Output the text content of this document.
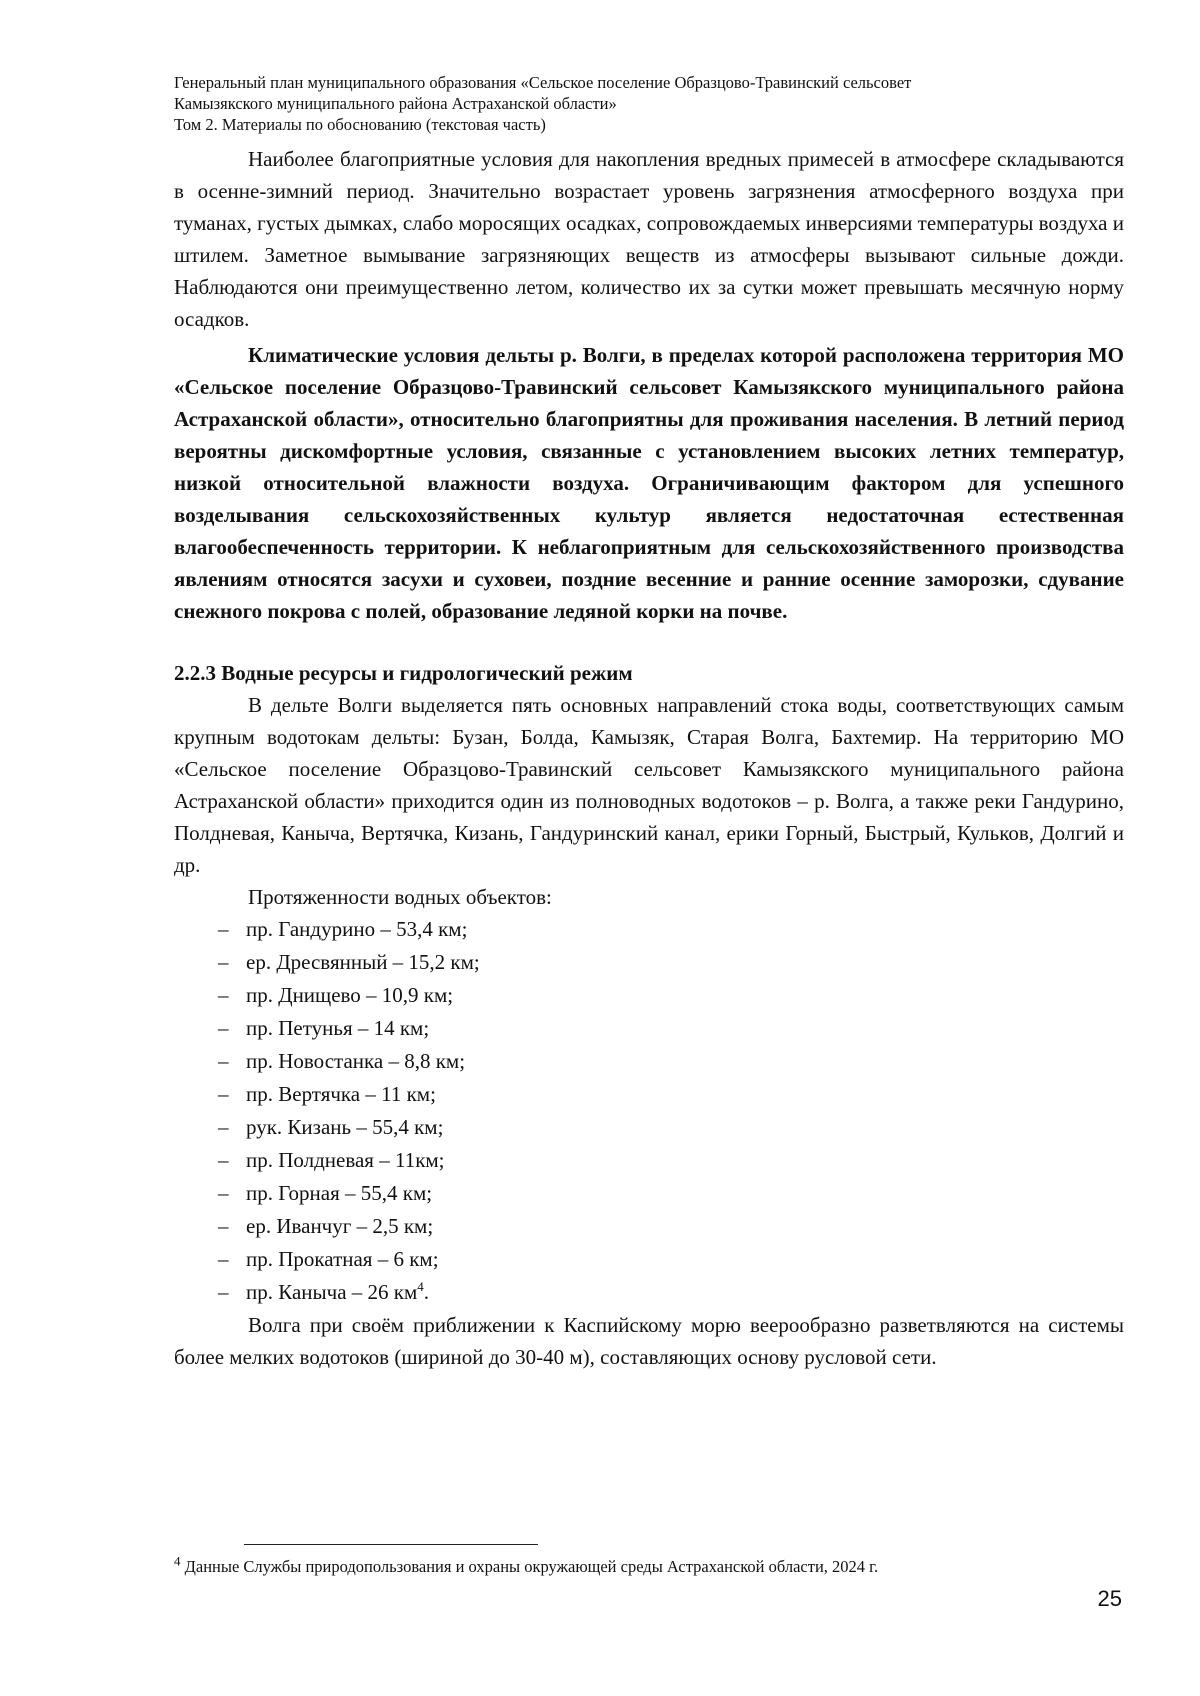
Генеральный план муниципального образования «Сельское поселение Образцово-Травинский сельсовет
Камызякского муниципального района Астраханской области»
Том 2. Материалы по обоснованию (текстовая часть)

Наиболее благоприятные условия для накопления вредных примесей в атмосфере складываются в осенне-зимний период. Значительно возрастает уровень загрязнения атмосферного воздуха при туманах, густых дымках, слабо моросящих осадках, сопровождаемых инверсиями температуры воздуха и штилем. Заметное вымывание загрязняющих веществ из атмосферы вызывают сильные дожди. Наблюдаются они преимущественно летом, количество их за сутки может превышать месячную норму осадков.

Климатические условия дельты р. Волги, в пределах которой расположена территория МО «Сельское поселение Образцово-Травинский сельсовет Камызякского муниципального района Астраханской области», относительно благоприятны для проживания населения. В летний период вероятны дискомфортные условия, связанные с установлением высоких летних температур, низкой относительной влажности воздуха. Ограничивающим фактором для успешного возделывания сельскохозяйственных культур является недостаточная естественная влагообеспеченность территории. К неблагоприятным для сельскохозяйственного производства явлениям относятся засухи и суховеи, поздние весенние и ранние осенние заморозки, сдувание снежного покрова с полей, образование ледяной корки на почве.

2.2.3 Водные ресурсы и гидрологический режим

В дельте Волги выделяется пять основных направлений стока воды, соответствующих самым крупным водотокам дельты: Бузан, Болда, Камызяк, Старая Волга, Бахтемир. На территорию МО «Сельское поселение Образцово-Травинский сельсовет Камызякского муниципального района Астраханской области» приходится один из полноводных водотоков – р. Волга, а также реки Гандурино, Полдневая, Каныча, Вертячка, Кизань, Гандуринский канал, ерики Горный, Быстрый, Кульков, Долгий и др.

Протяженности водных объектов:

– пр. Гандурино – 53,4 км;
– ер. Дресвянный – 15,2 км;
– пр. Днищево – 10,9 км;
– пр. Петунья – 14 км;
– пр. Новостанка – 8,8 км;
– пр. Вертячка – 11 км;
– рук. Кизань – 55,4 км;
– пр. Полдневая – 11км;
– пр. Горная – 55,4 км;
– ер. Иванчуг – 2,5 км;
– пр. Прокатная – 6 км;
– пр. Каныча – 26 $км^4$.

Волга при своём приближении к Каспийскому морю веерообразно разветвляются на системы более мелких водотоков (шириной до 30-40 м), составляющих основу русловой сети.

$^4$ Данные Службы природопользования и охраны окружающей среды Астраханской области, 2024 г.
25
